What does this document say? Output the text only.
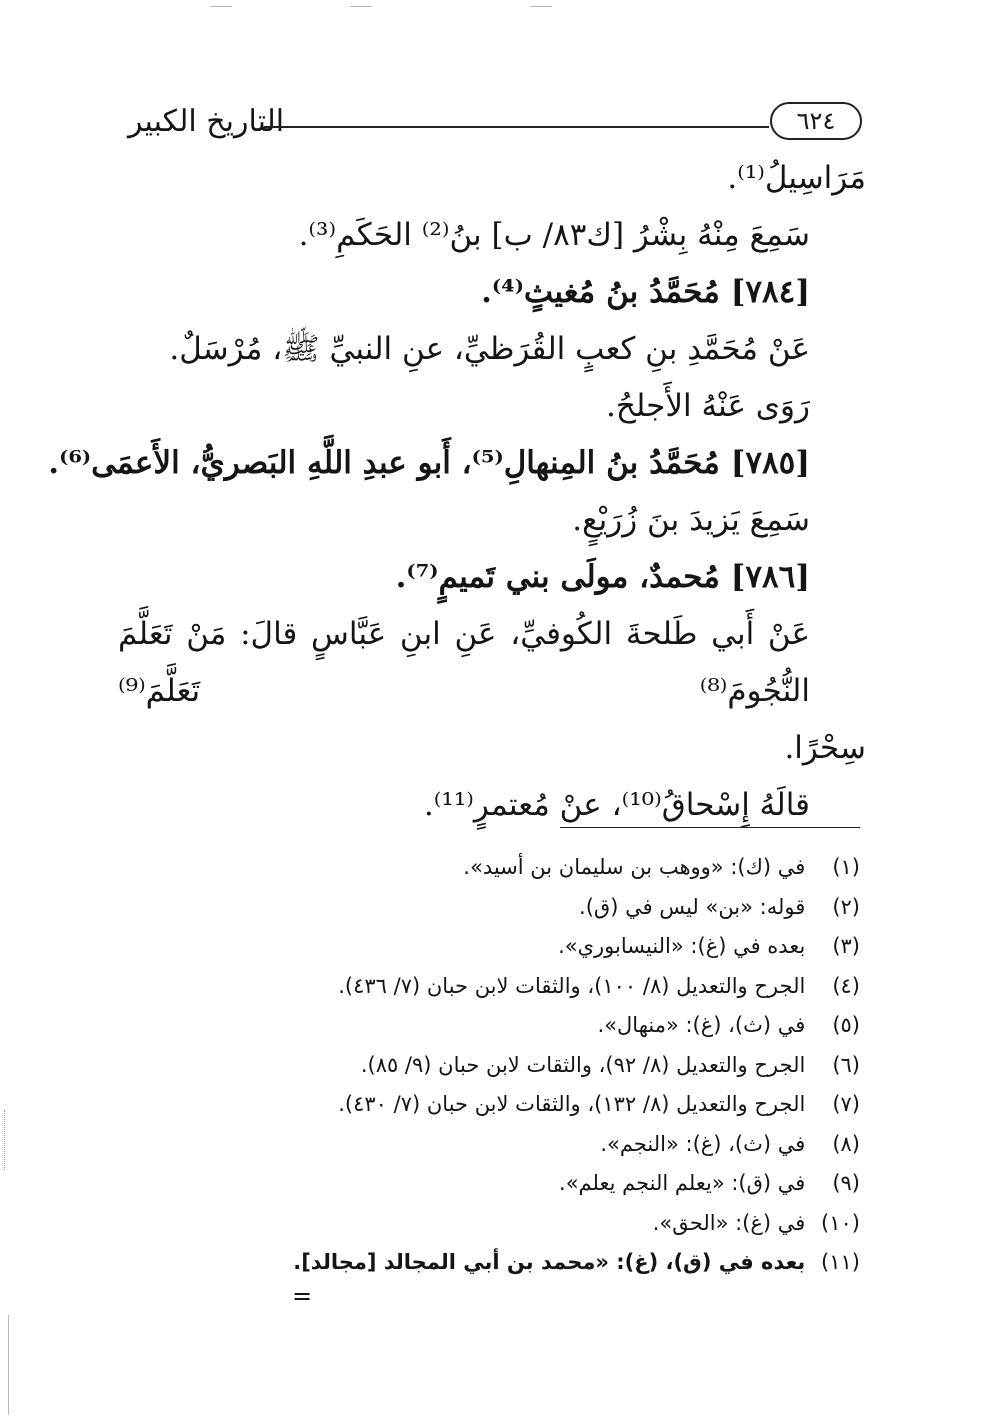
التاريخ الكبير	٦٢٤
مَرَاسِيلُ⁽¹⁾.
سَمِعَ مِنْهُ بِشْرُ [ك٨٣/ ب] بنُ⁽²⁾ الحَكَمِ⁽³⁾.
[٧٨٤] مُحَمَّدُ بنُ مُغيثٍ⁽⁴⁾.
عَنْ مُحَمَّدِ بنِ كعبٍ القُرَظيِّ، عنِ النبيِّ ﷺ، مُرْسَلٌ.
رَوَى عَنْهُ الأَجلحُ.
[٧٨٥] مُحَمَّدُ بنُ المِنهالِ⁽⁵⁾، أَبو عبدِ اللَّهِ البَصريُّ، الأَعمَى⁽⁶⁾.
سَمِعَ يَزيدَ بنَ زُرَيْعٍ.
[٧٨٦] مُحمدٌ، مولَى بني تَميمٍ⁽⁷⁾.
عَنْ أَبي طَلحةَ الكُوفيِّ، عَنِ ابنِ عَبَّاسٍ قالَ: مَنْ تَعَلَّمَ النُّجُومَ⁽⁸⁾ تَعَلَّمَ⁽⁹⁾
سِحْرًا.
قالَهُ إِسْحاقُ⁽¹⁰⁾، عنْ مُعتمرٍ⁽¹¹⁾.
(١) في (ك): «ووهب بن سليمان بن أسيد».
(٢) قوله: «بن» ليس في (ق).
(٣) بعده في (غ): «النيسابوري».
(٤) الجرح والتعديل (٨/ ١٠٠)، والثقات لابن حبان (٧/ ٤٣٦).
(٥) في (ث)، (غ): «منهال».
(٦) الجرح والتعديل (٨/ ٩٢)، والثقات لابن حبان (٩/ ٨٥).
(٧) الجرح والتعديل (٨/ ١٣٢)، والثقات لابن حبان (٧/ ٤٣٠).
(٨) في (ث)، (غ): «النجم».
(٩) في (ق): «يعلم النجم يعلم».
(١٠) في (غ): «الحق».
(١١) بعده في (ق)، (غ): «محمد بن أبي المجالد [مجالد].
=
